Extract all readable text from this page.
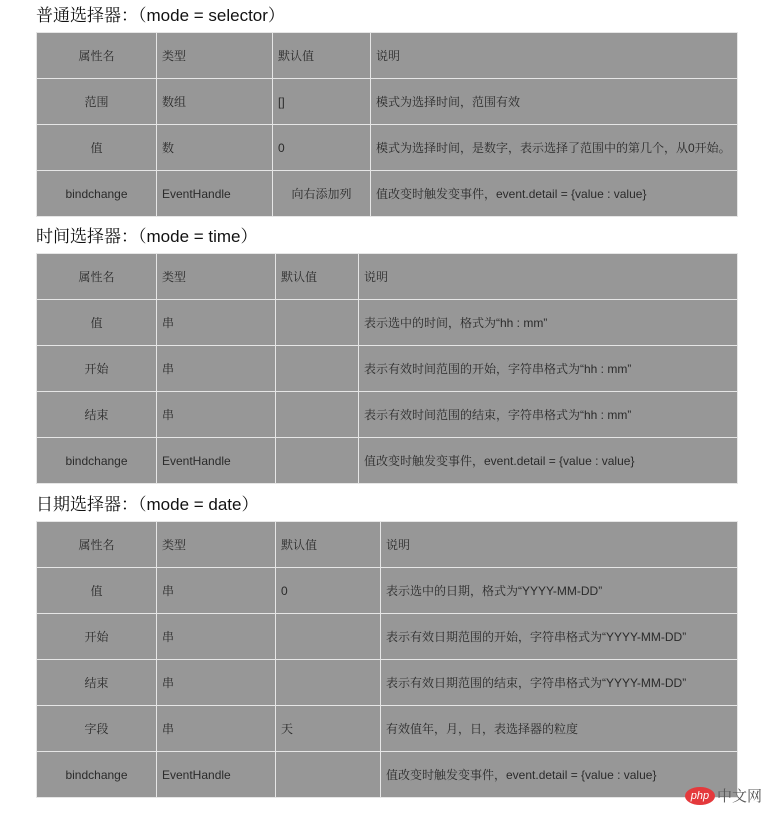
普通选择器：（mode = selector）
属性名	类型	默认值	说明
范围	数组	[]	模式为选择时间，范围有效
值	数	0	模式为选择时间，是数字，表示选择了范围中的第几个，从0开始。
bindchange	EventHandle	向右添加列	值改变时触发变事件，event.detail = {value : value}
时间选择器：（mode = time）
属性名	类型	默认值	说明
值	串		表示选中的时间，格式为“hh : mm”
开始	串		表示有效时间范围的开始，字符串格式为“hh : mm”
结束	串		表示有效时间范围的结束，字符串格式为“hh : mm”
bindchange	EventHandle		值改变时触发变事件，event.detail = {value : value}
日期选择器：（mode = date）
属性名	类型	默认值	说明
值	串	0	表示选中的日期，格式为“YYYY-MM-DD”
开始	串		表示有效日期范围的开始，字符串格式为“YYYY-MM-DD”
结束	串		表示有效日期范围的结束，字符串格式为“YYYY-MM-DD”
字段	串	天	有效值年，月，日，表选择器的粒度
bindchange	EventHandle		值改变时触发变事件，event.detail = {value : value}
php 中文网
